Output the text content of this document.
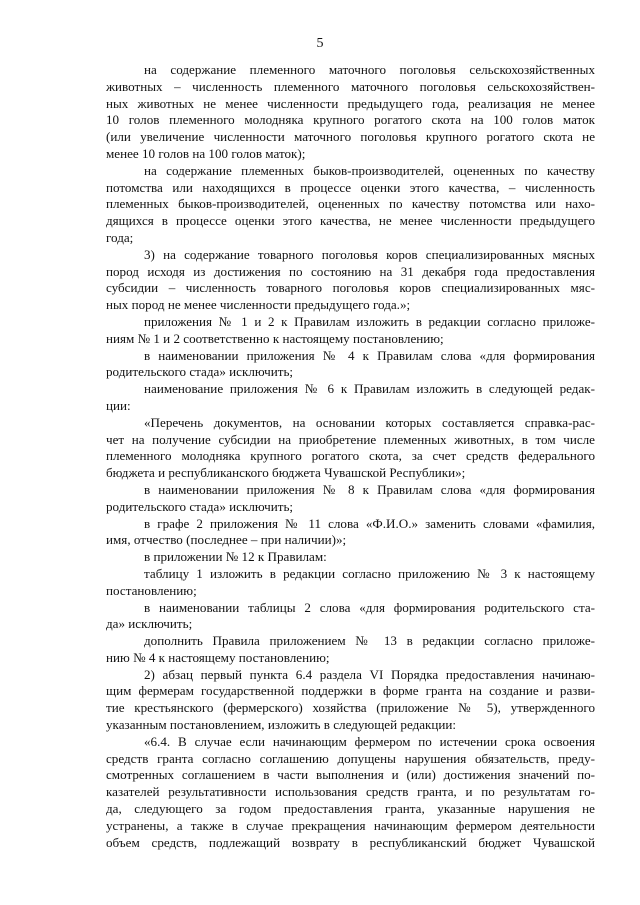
5
на содержание племенного маточного поголовья сельскохозяйственных
животных – численность племенного маточного поголовья сельскохозяйствен-
ных животных не менее численности предыдущего года, реализация не менее
10 голов племенного молодняка крупного рогатого скота на 100 голов маток
(или увеличение численности маточного поголовья крупного рогатого скота не
менее 10 голов на 100 голов маток);
на содержание племенных быков-производителей, оцененных по качеству
потомства или находящихся в процессе оценки этого качества, – численность
племенных быков-производителей, оцененных по качеству потомства или нахо-
дящихся в процессе оценки этого качества, не менее численности предыдущего
года;
3) на содержание товарного поголовья коров специализированных мясных
пород исходя из достижения по состоянию на 31 декабря года предоставления
субсидии – численность товарного поголовья коров специализированных мяс-
ных пород не менее численности предыдущего года.»;
приложения № 1 и 2 к Правилам изложить в редакции согласно приложе-
ниям № 1 и 2 соответственно к настоящему постановлению;
в наименовании приложения № 4 к Правилам слова «для формирования
родительского стада» исключить;
наименование приложения № 6 к Правилам изложить в следующей редак-
ции:
«Перечень документов, на основании которых составляется справка-рас-
чет на получение субсидии на приобретение племенных животных, в том числе
племенного молодняка крупного рогатого скота, за счет средств федерального
бюджета и республиканского бюджета Чувашской Республики»;
в наименовании приложения № 8 к Правилам слова «для формирования
родительского стада» исключить;
в графе 2 приложения № 11 слова «Ф.И.О.» заменить словами «фамилия,
имя, отчество (последнее – при наличии)»;
в приложении № 12 к Правилам:
таблицу 1 изложить в редакции согласно приложению № 3 к настоящему
постановлению;
в наименовании таблицы 2 слова «для формирования родительского ста-
да» исключить;
дополнить Правила приложением № 13 в редакции согласно приложе-
нию № 4 к настоящему постановлению;
2) абзац первый пункта 6.4 раздела VI Порядка предоставления начинаю-
щим фермерам государственной поддержки в форме гранта на создание и разви-
тие крестьянского (фермерского) хозяйства (приложение № 5), утвержденного
указанным постановлением, изложить в следующей редакции:
«6.4. В случае если начинающим фермером по истечении срока освоения
средств гранта согласно соглашению допущены нарушения обязательств, преду-
смотренных соглашением в части выполнения и (или) достижения значений по-
казателей результативности использования средств гранта, и по результатам го-
да, следующего за годом предоставления гранта, указанные нарушения не
устранены, а также в случае прекращения начинающим фермером деятельности
объем средств, подлежащий возврату в республиканский бюджет Чувашской
